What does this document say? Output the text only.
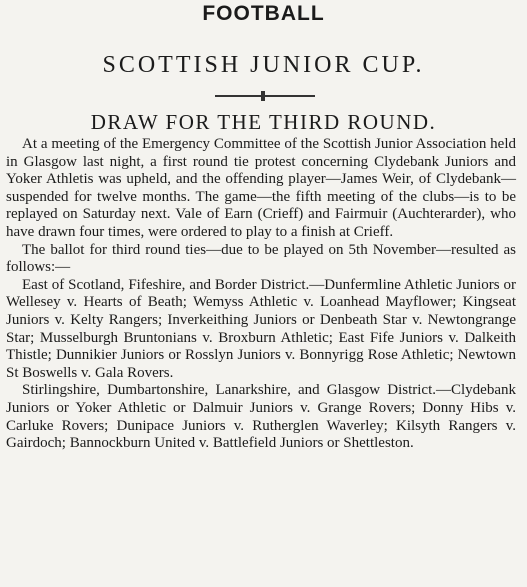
FOOTBALL
SCOTTISH JUNIOR CUP.
DRAW FOR THE THIRD ROUND.

At a meeting of the Emergency Committee of the Scottish Junior Association held in Glasgow last night, a first round tie protest concerning Clydebank Juniors and Yoker Athletis was upheld, and the offending player—James Weir, of Clydebank—suspended for twelve months. The game—the fifth meeting of the clubs—is to be replayed on Saturday next. Vale of Earn (Crieff) and Fairmuir (Auchterarder), who have drawn four times, were ordered to play to a finish at Crieff.

The ballot for third round ties—due to be played on 5th November—resulted as follows:—

East of Scotland, Fifeshire, and Border District.—Dunfermline Athletic Juniors or Wellesey v. Hearts of Beath; Wemyss Athletic v. Loanhead Mayflower; Kingseat Juniors v. Kelty Rangers; Inverkeithing Juniors or Denbeath Star v. Newtongrange Star; Musselburgh Bruntonians v. Broxburn Athletic; East Fife Juniors v. Dalkeith Thistle; Dunnikier Juniors or Rosslyn Juniors v. Bonnyrigg Rose Athletic; Newtown St Boswells v. Gala Rovers.

Stirlingshire, Dumbartonshire, Lanarkshire, and Glasgow District.—Clydebank Juniors or Yoker Athletic or Dalmuir Juniors v. Grange Rovers; Donny Hibs v. Carluke Rovers; Dunipace Juniors v. Rutherglen Waverley; Kilsyth Rangers v. Gairdoch; Bannockburn United v. Battlefield Juniors or Shettleston.
